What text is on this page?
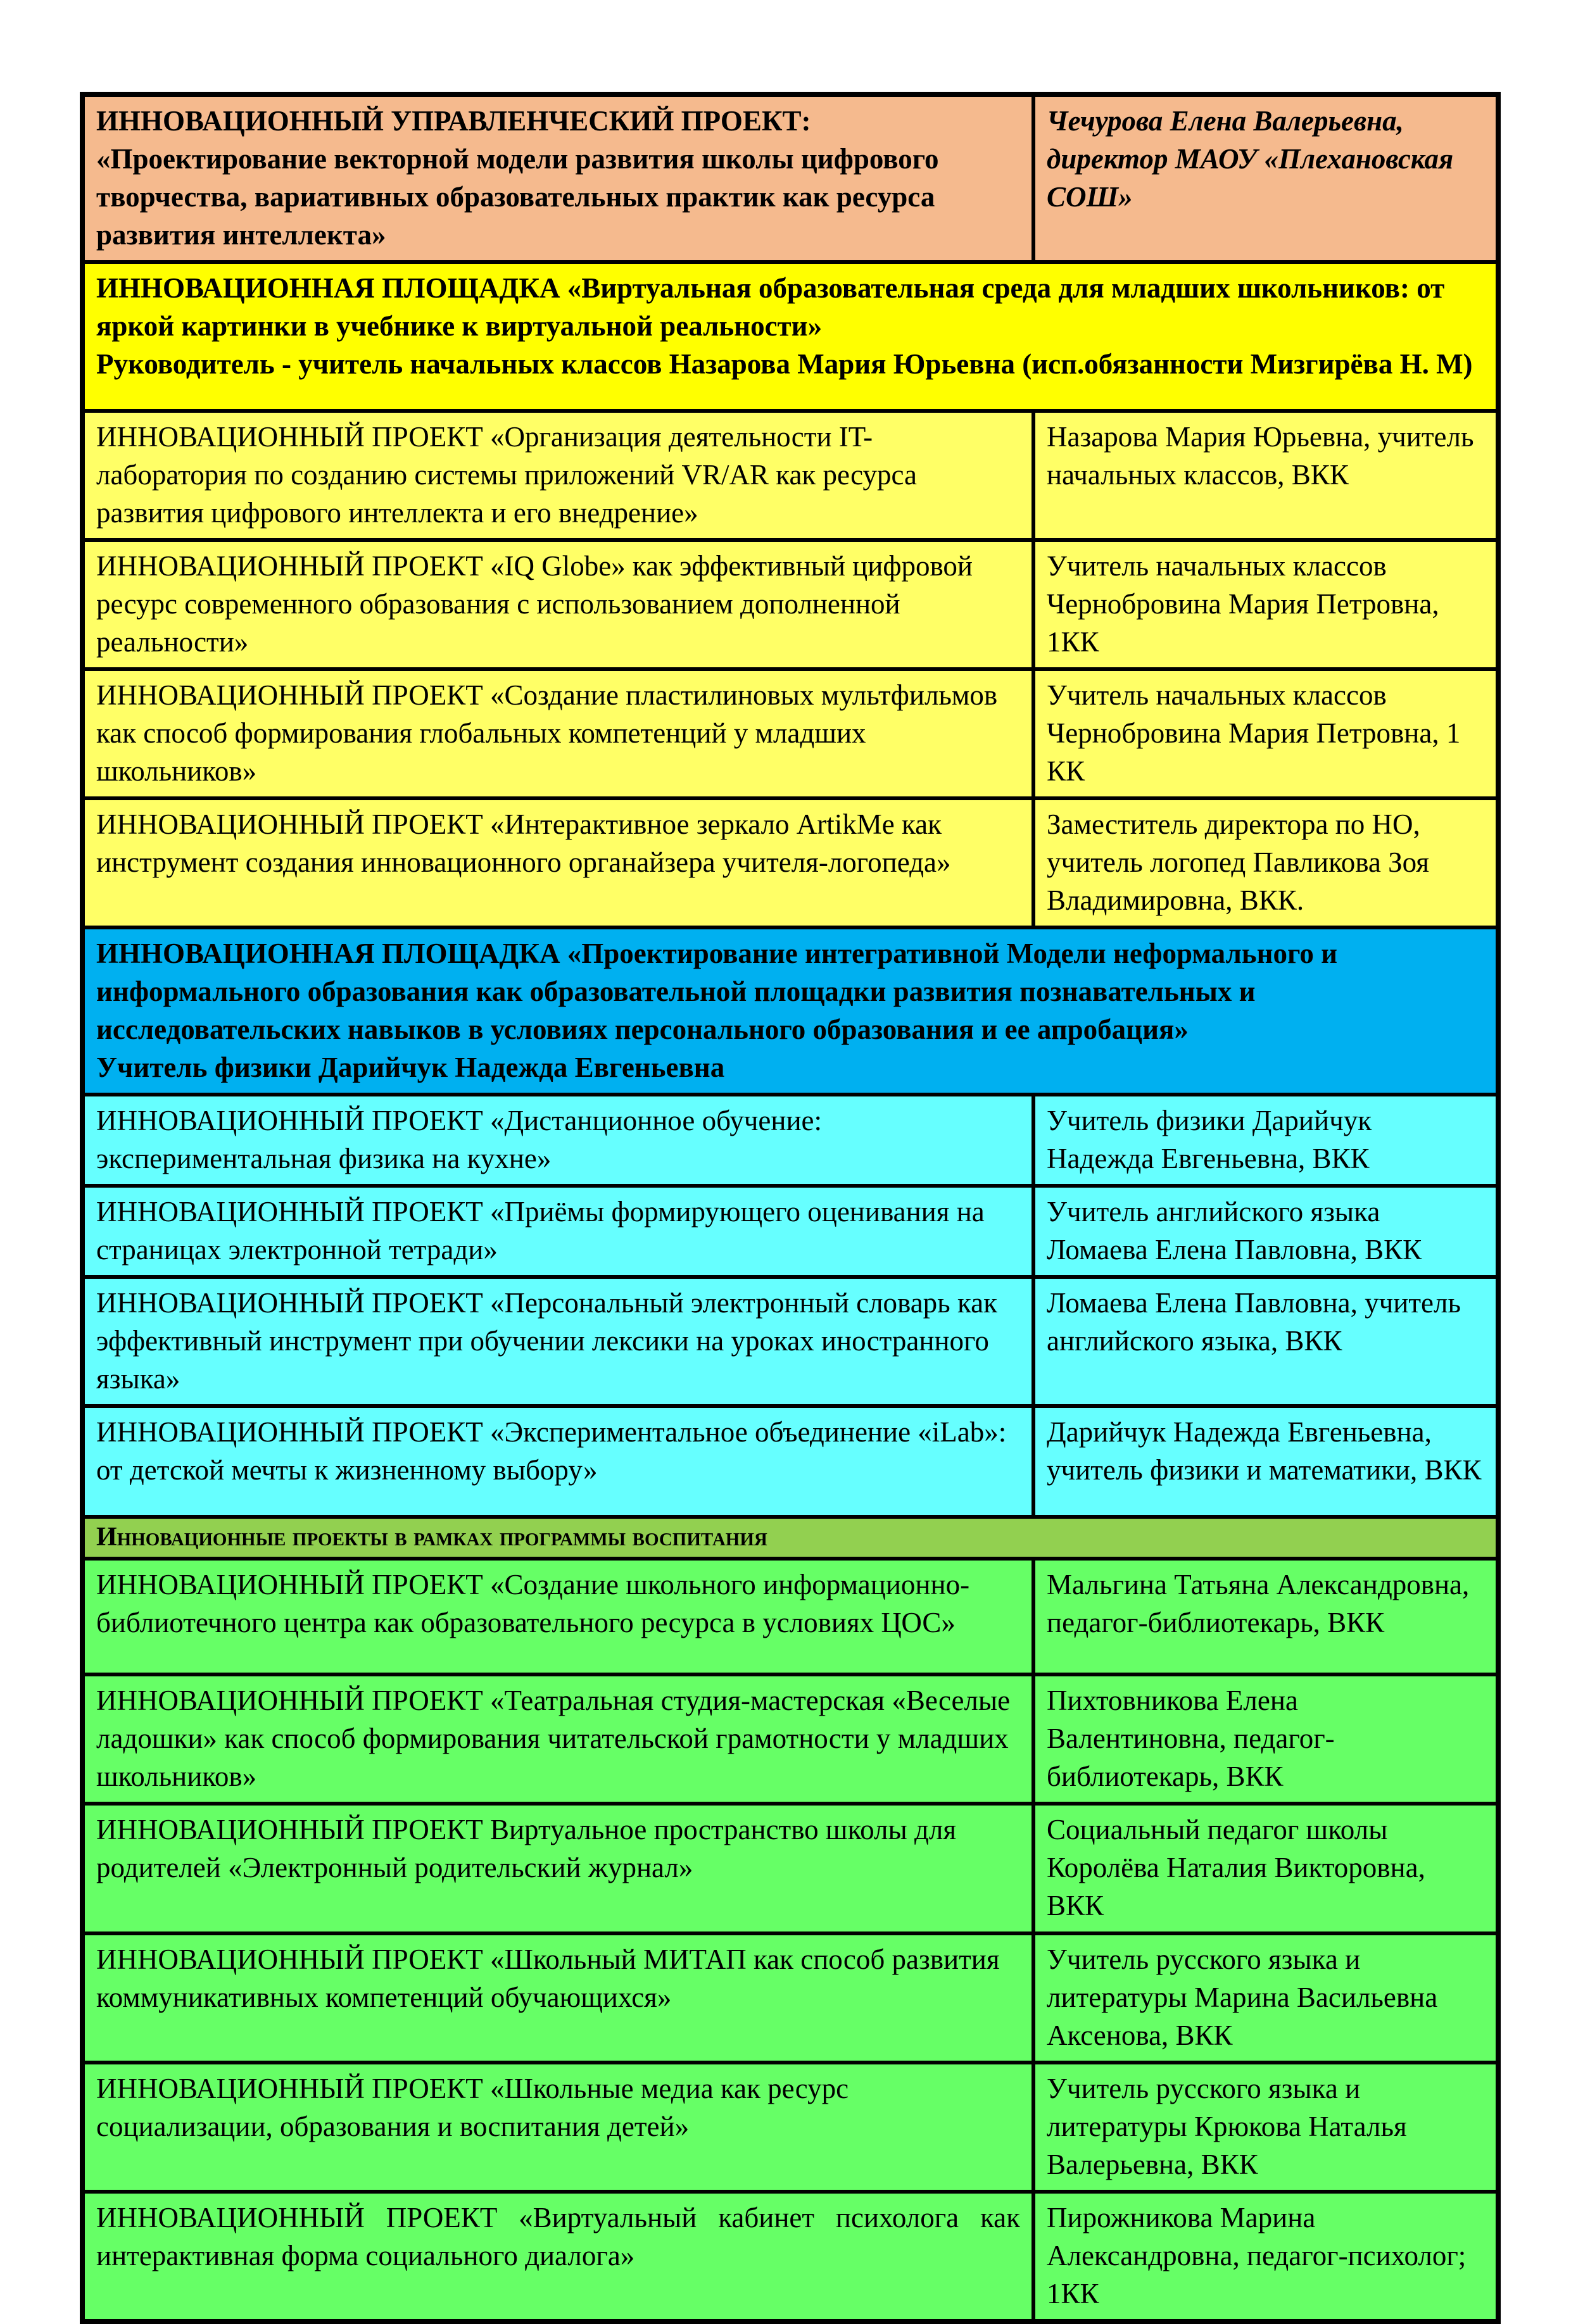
ИННОВАЦИОННЫЙ УПРАВЛЕНЧЕСКИЙ ПРОЕКТ:
«Проектирование векторной модели развития школы цифрового творчества, вариативных образовательных практик как ресурса развития интеллекта»	Чечурова Елена Валерьевна, директор МАОУ «Плехановская СОШ»
ИННОВАЦИОННАЯ ПЛОЩАДКА «Виртуальная образовательная среда для младших школьников: от яркой картинки в учебнике к виртуальной реальности»
Руководитель - учитель начальных классов Назарова Мария Юрьевна (исп.обязанности Мизгирёва Н. М)	

ИННОВАЦИОННЫЙ ПРОЕКТ «Организация деятельности IT-лаборатория по созданию системы приложений VR/AR как ресурса развития цифрового интеллекта и его внедрение»	Назарова Мария Юрьевна, учитель начальных классов, ВКК
ИННОВАЦИОННЫЙ ПРОЕКТ «IQ Globe» как эффективный цифровой ресурс современного образования с использованием дополненной реальности»	Учитель начальных классов Чернобровина Мария Петровна, 1КК
ИННОВАЦИОННЫЙ ПРОЕКТ «Создание пластилиновых мультфильмов как способ формирования глобальных компетенций у младших школьников»	Учитель начальных классов Чернобровина Мария Петровна, 1 КК
ИННОВАЦИОННЫЙ ПРОЕКТ «Интерактивное зеркало ArtikMe как инструмент создания инновационного органайзера учителя-логопеда»	Заместитель директора по НО, учитель логопед Павликова Зоя Владимировна, ВКК.
ИННОВАЦИОННАЯ ПЛОЩАДКА «Проектирование интегративной Модели неформального и информального образования как образовательной площадки развития познавательных и исследовательских навыков в условиях персонального образования и ее апробация»
Учитель физики Дарийчук Надежда Евгеньевна	

ИННОВАЦИОННЫЙ ПРОЕКТ «Дистанционное обучение: экспериментальная физика на кухне»	Учитель физики Дарийчук Надежда Евгеньевна, ВКК
ИННОВАЦИОННЫЙ ПРОЕКТ «Приёмы формирующего оценивания на страницах электронной тетради»	Учитель английского языка Ломаева Елена Павловна, ВКК
ИННОВАЦИОННЫЙ ПРОЕКТ «Персональный электронный словарь как эффективный инструмент при обучении лексики на уроках иностранного языка»	Ломаева Елена Павловна, учитель английского языка, ВКК
ИННОВАЦИОННЫЙ ПРОЕКТ «Экспериментальное объединение «iLab»: от детской мечты к жизненному выбору»	Дарийчук Надежда Евгеньевна, учитель физики и математики, ВКК
Инновационные проекты в рамках программы воспитания	
ИННОВАЦИОННЫЙ ПРОЕКТ «Создание школьного информационно-библиотечного центра как образовательного ресурса в условиях ЦОС»	Мальгина Татьяна Александровна, педагог-библиотекарь, ВКК
ИННОВАЦИОННЫЙ ПРОЕКТ «Театральная студия-мастерская «Веселые ладошки» как способ формирования читательской грамотности у младших школьников»	Пихтовникова Елена Валентиновна, педагог-библиотекарь, ВКК
ИННОВАЦИОННЫЙ ПРОЕКТ Виртуальное пространство школы для родителей «Электронный родительский журнал»	Социальный педагог школы Королёва Наталия Викторовна, ВКК
ИННОВАЦИОННЫЙ ПРОЕКТ «Школьный МИТАП как способ развития коммуникативных компетенций обучающихся»	Учитель русского языка и литературы Марина Васильевна Аксенова, ВКК
ИННОВАЦИОННЫЙ ПРОЕКТ «Школьные медиа как ресурс социализации, образования и воспитания детей»	Учитель русского языка и литературы Крюкова Наталья Валерьевна, ВКК
ИННОВАЦИОННЫЙ ПРОЕКТ «Виртуальный кабинет психолога как интерактивная форма социального диалога»	Пирожникова Марина Александровна, педагог-психолог; 1КК
